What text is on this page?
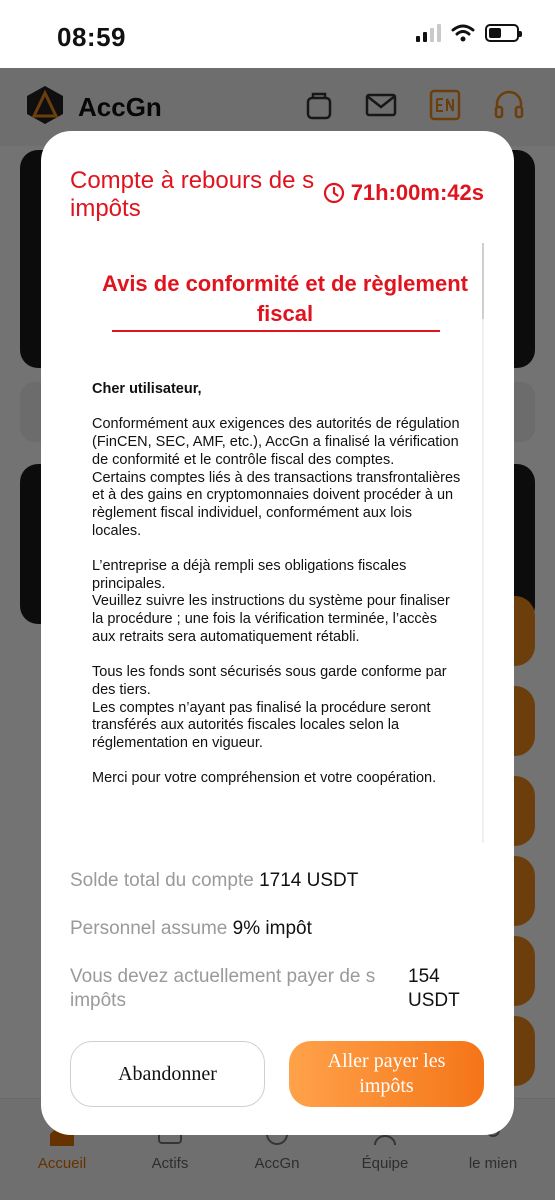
08:59
Compte à rebours de s impôts
71h:00m:42s
Avis de conformité et de règlement fiscal

Cher utilisateur,

Conformément aux exigences des autorités de régulation (FinCEN, SEC, AMF, etc.), AccGn a finalisé la vérification de conformité et le contrôle fiscal des comptes.
Certains comptes liés à des transactions transfrontalières et à des gains en cryptomonnaies doivent procéder à un règlement fiscal individuel, conformément aux lois locales.

L’entreprise a déjà rempli ses obligations fiscales principales.
Veuillez suivre les instructions du système pour finaliser la procédure ; une fois la vérification terminée, l’accès aux retraits sera automatiquement rétabli.

Tous les fonds sont sécurisés sous garde conforme par des tiers.
Les comptes n’ayant pas finalisé la procédure seront transférés aux autorités fiscales locales selon la réglementation en vigueur.

Merci pour votre compréhension et votre coopération.

Solde total du compte 1714 USDT
Personnel assume 9% impôt
Vous devez actuellement payer de s impôts
154 USDT
Abandonner
Aller payer les impôts
